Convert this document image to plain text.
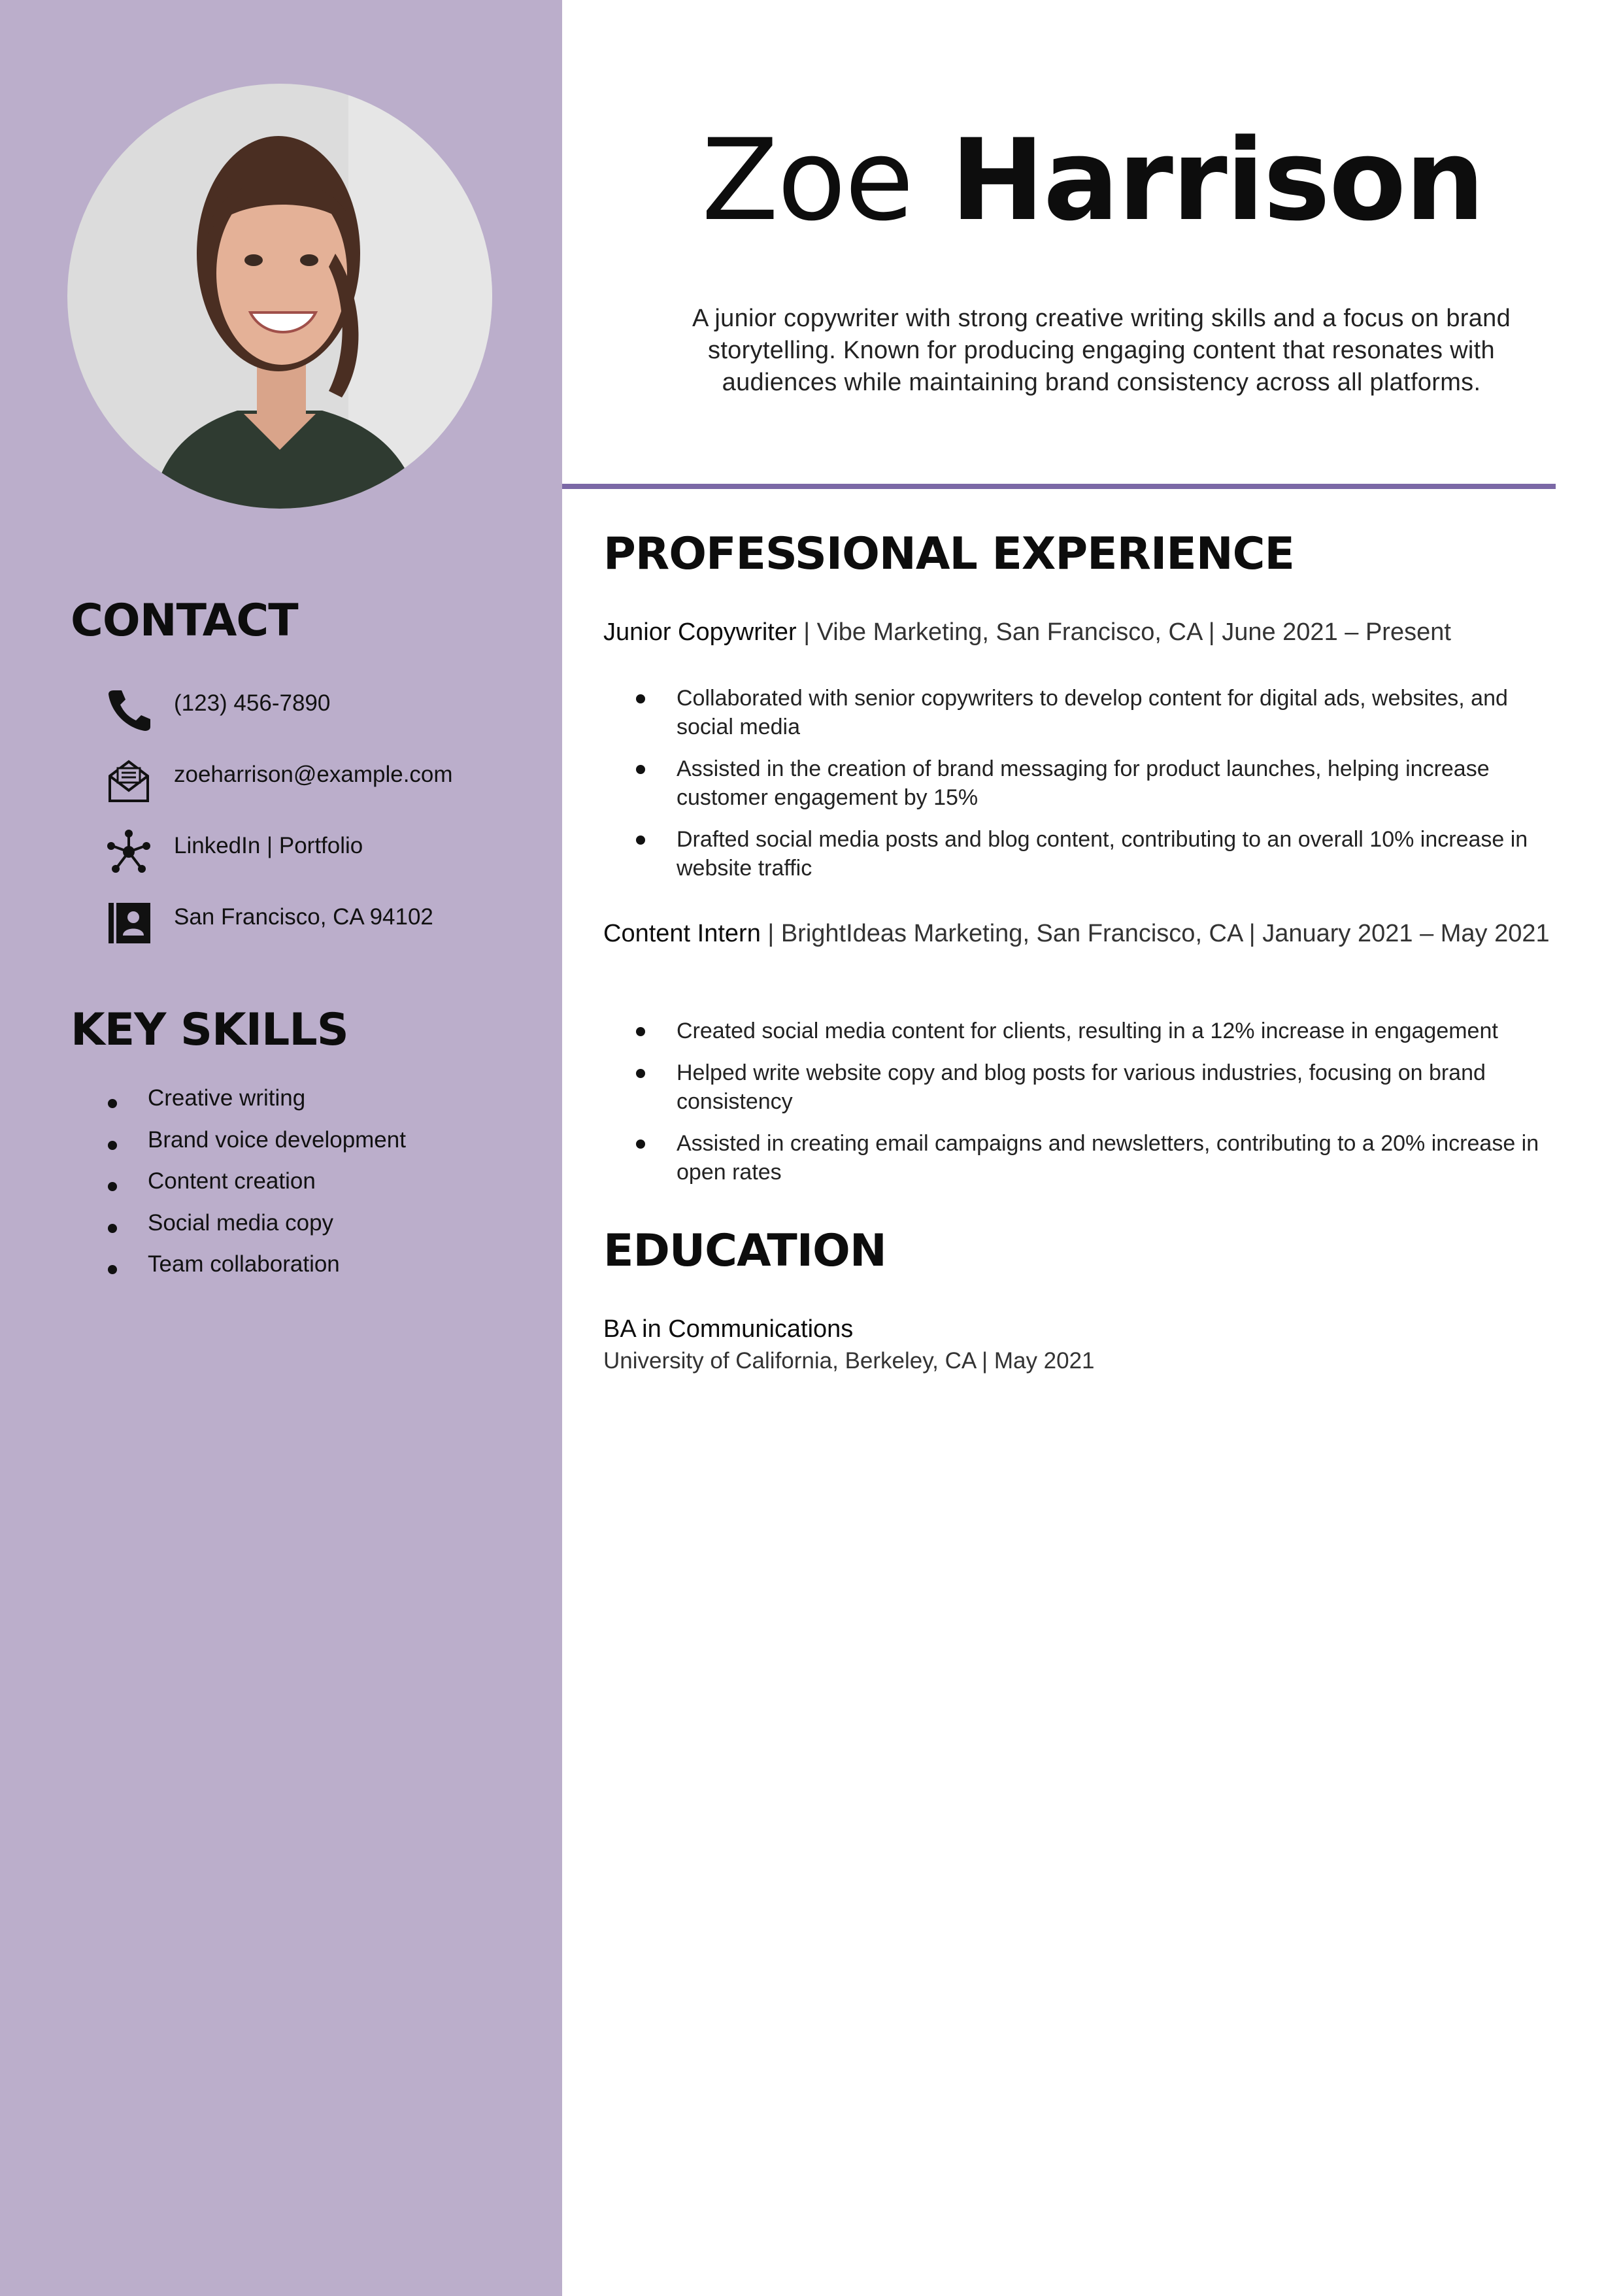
CONTACT
(123) 456-7890
zoeharrison@example.com
LinkedIn | Portfolio
San Francisco, CA 94102
KEY SKILLS
Creative writing
Brand voice development
Content creation
Social media copy
Team collaboration
Zoe Harrison

A junior copywriter with strong creative writing skills and a focus on brand storytelling. Known for producing engaging content that resonates with audiences while maintaining brand consistency across all platforms.

PROFESSIONAL EXPERIENCE

Junior Copywriter | Vibe Marketing, San Francisco, CA | June 2021 – Present

Collaborated with senior copywriters to develop content for digital ads, websites, and social media
Assisted in the creation of brand messaging for product launches, helping increase customer engagement by 15%
Drafted social media posts and blog content, contributing to an overall 10% increase in website traffic

Content Intern | BrightIdeas Marketing, San Francisco, CA | January 2021 – May 2021

Created social media content for clients, resulting in a 12% increase in engagement
Helped write website copy and blog posts for various industries, focusing on brand consistency
Assisted in creating email campaigns and newsletters, contributing to a 20% increase in open rates
EDUCATION

BA in Communications

University of California, Berkeley, CA | May 2021
